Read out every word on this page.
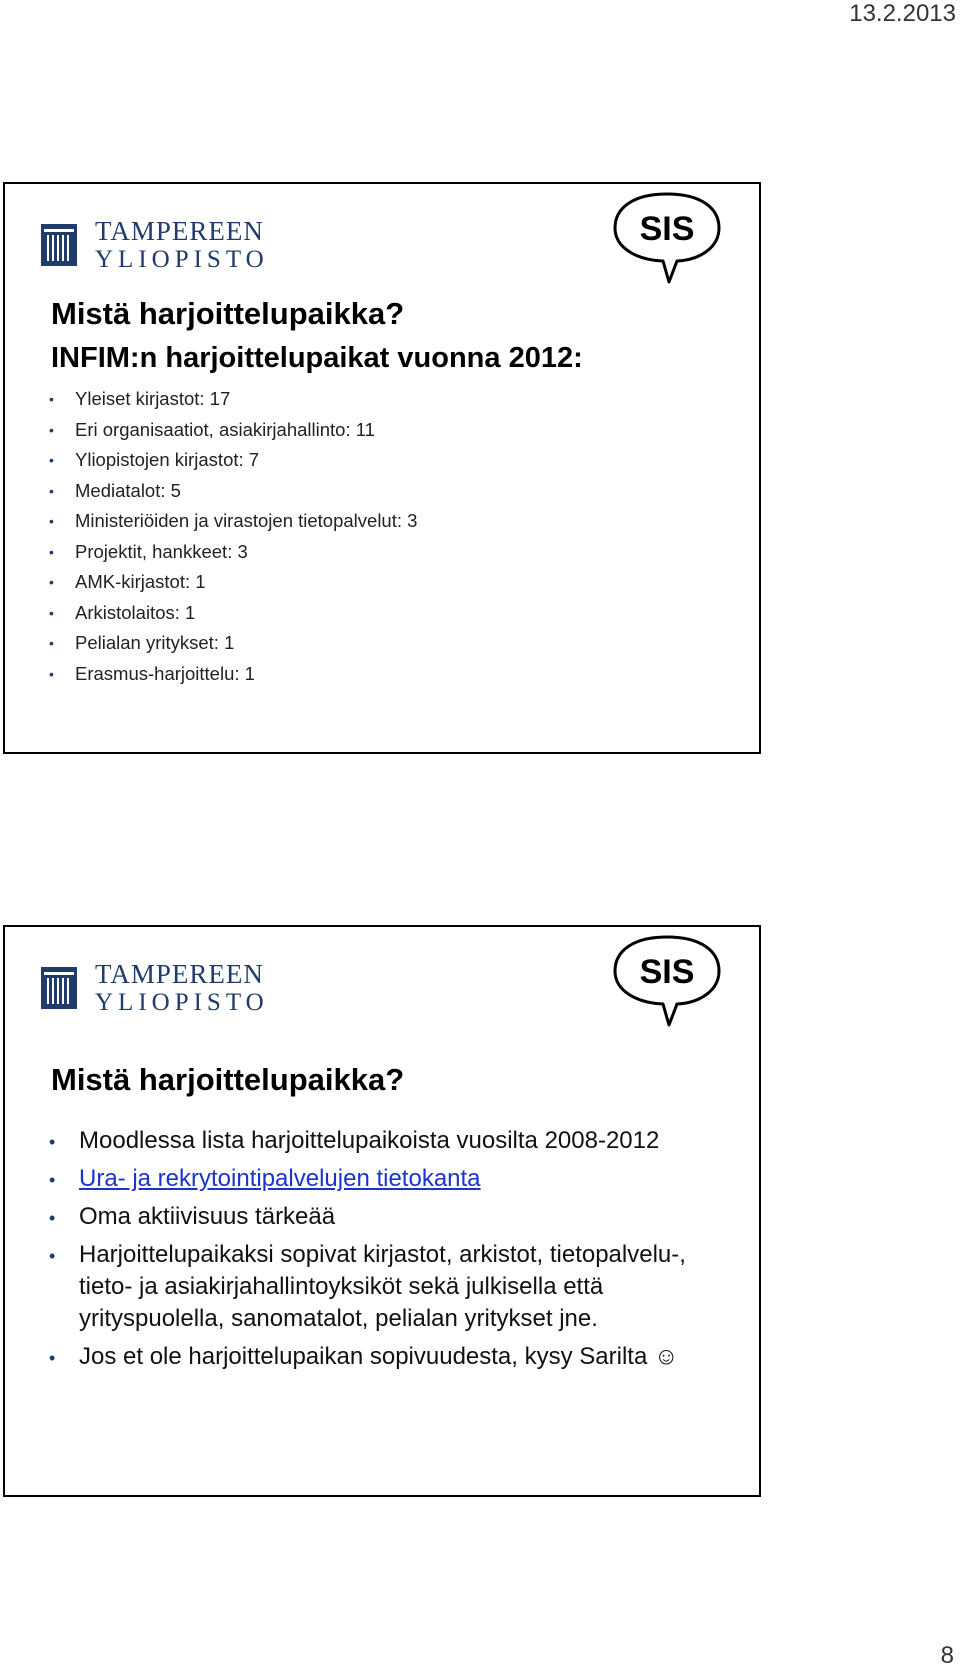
13.2.2013
TAMPEREEN
YLIOPISTO
SIS
Mistä harjoittelupaikka?
INFIM:n harjoittelupaikat vuonna 2012:
• Yleiset kirjastot: 17
• Eri organisaatiot, asiakirjahallinto: 11
• Yliopistojen kirjastot: 7
• Mediatalot: 5
• Ministeriöiden ja virastojen tietopalvelut: 3
• Projektit, hankkeet: 3
• AMK-kirjastot: 1
• Arkistolaitos: 1
• Pelialan yritykset: 1
• Erasmus-harjoittelu: 1
TAMPEREEN
YLIOPISTO
SIS
Mistä harjoittelupaikka?
• Moodlessa lista harjoittelupaikoista vuosilta 2008-2012
• Ura- ja rekrytointipalvelujen tietokanta
• Oma aktiivisuus tärkeää
• Harjoittelupaikaksi sopivat kirjastot, arkistot, tietopalvelu-, tieto- ja asiakirjahallintoyksiköt sekä julkisella että yrityspuolella, sanomatalot, pelialan yritykset jne.
• Jos et ole harjoittelupaikan sopivuudesta, kysy Sarilta ☺
8
